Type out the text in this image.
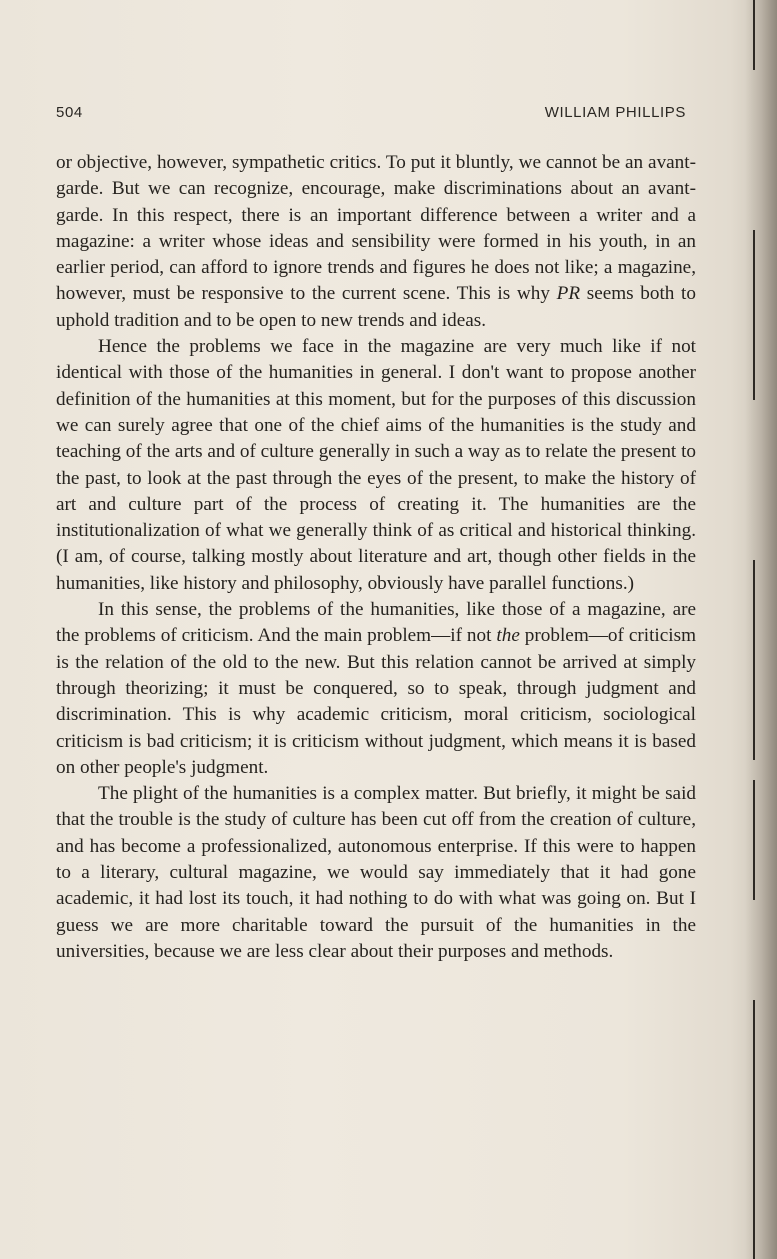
504	WILLIAM PHILLIPS

or objective, however, sympathetic critics. To put it bluntly, we cannot be an avant-garde. But we can recognize, encourage, make discriminations about an avant-garde. In this respect, there is an important difference between a writer and a magazine: a writer whose ideas and sensibility were formed in his youth, in an earlier period, can afford to ignore trends and figures he does not like; a magazine, however, must be responsive to the current scene. This is why PR seems both to uphold tradition and to be open to new trends and ideas.

Hence the problems we face in the magazine are very much like if not identical with those of the humanities in general. I don't want to propose another definition of the humanities at this moment, but for the purposes of this discussion we can surely agree that one of the chief aims of the humanities is the study and teaching of the arts and of culture generally in such a way as to relate the present to the past, to look at the past through the eyes of the present, to make the history of art and culture part of the process of creating it. The humanities are the institutionalization of what we generally think of as critical and historical thinking. (I am, of course, talking mostly about literature and art, though other fields in the humanities, like history and philosophy, obviously have parallel functions.)

In this sense, the problems of the humanities, like those of a magazine, are the problems of criticism. And the main problem—if not the problem—of criticism is the relation of the old to the new. But this relation cannot be arrived at simply through theorizing; it must be conquered, so to speak, through judgment and discrimination. This is why academic criticism, moral criticism, sociological criticism is bad criticism; it is criticism without judgment, which means it is based on other people's judgment.

The plight of the humanities is a complex matter. But briefly, it might be said that the trouble is the study of culture has been cut off from the creation of culture, and has become a professionalized, autonomous enterprise. If this were to happen to a literary, cultural magazine, we would say immediately that it had gone academic, it had lost its touch, it had nothing to do with what was going on. But I guess we are more charitable toward the pursuit of the humanities in the universities, because we are less clear about their purposes and methods.
